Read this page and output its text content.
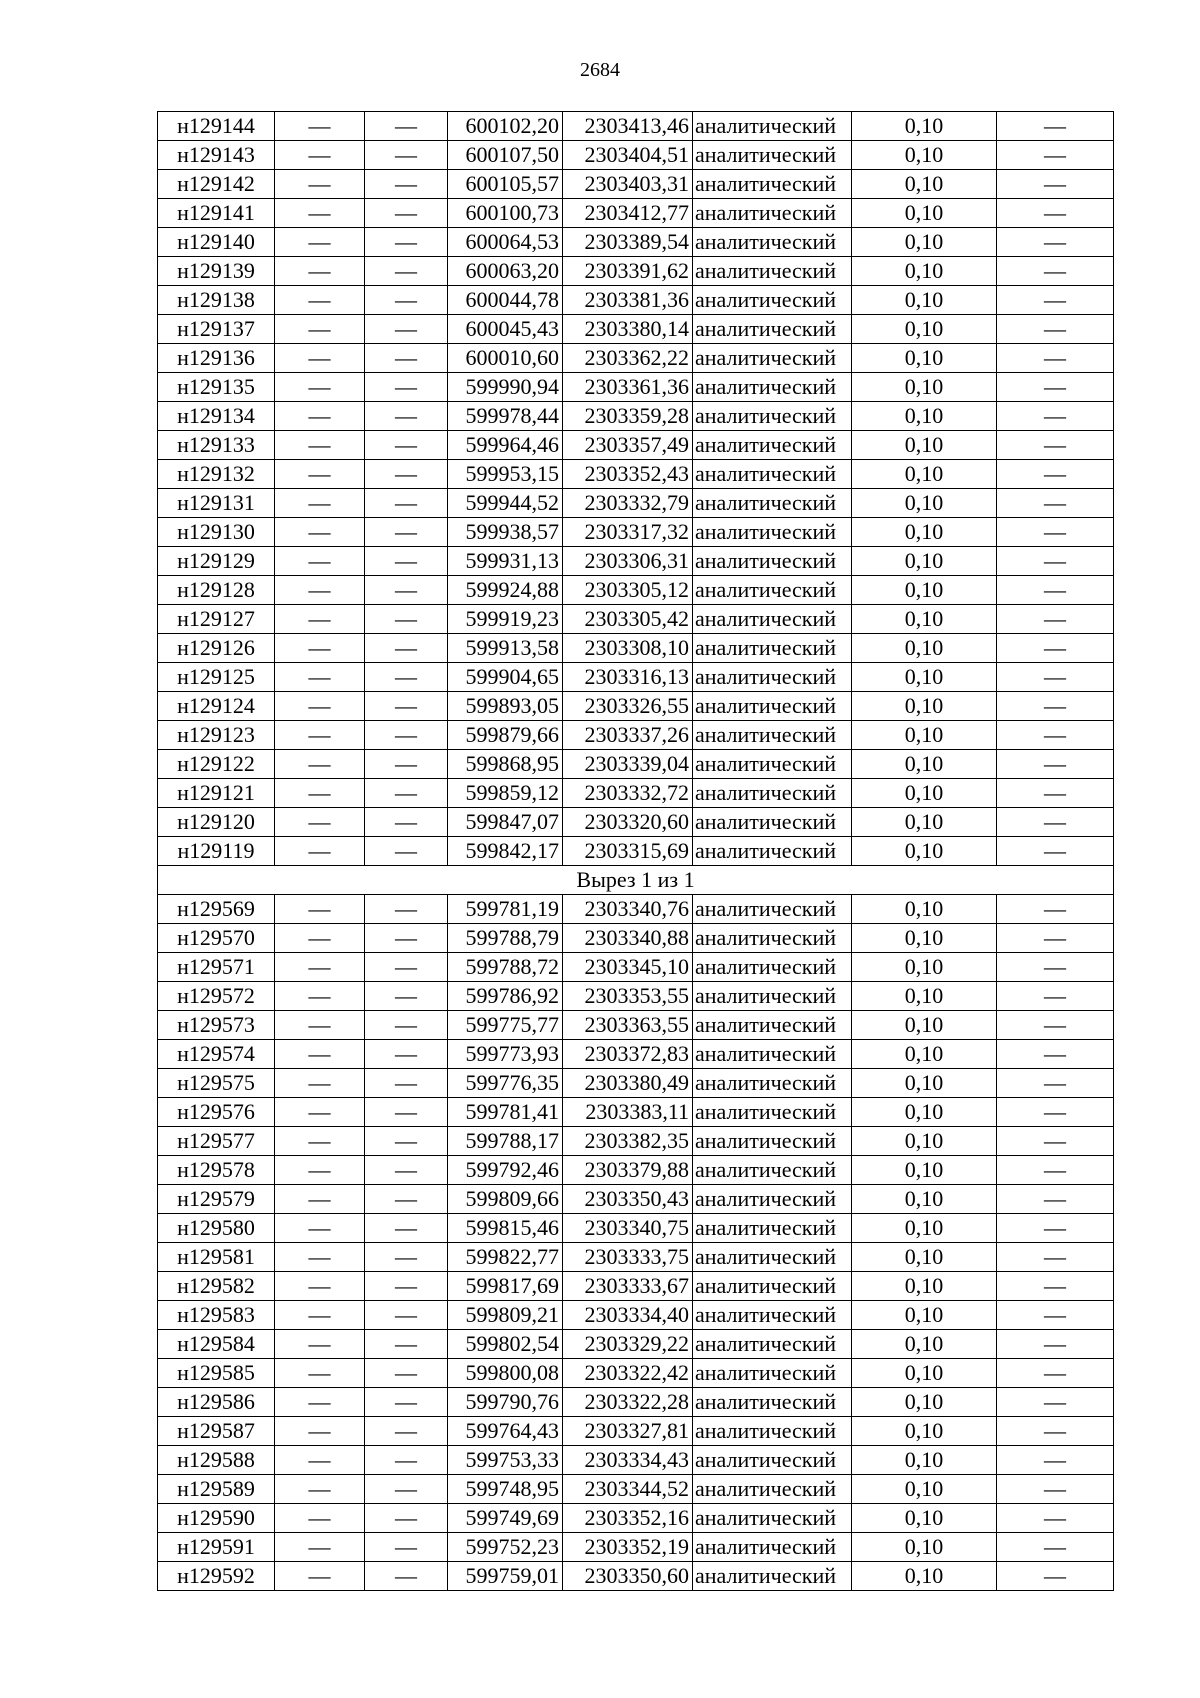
2684
н129144	—	—	600102,20	2303413,46	аналитический	0,10	—
н129143	—	—	600107,50	2303404,51	аналитический	0,10	—
н129142	—	—	600105,57	2303403,31	аналитический	0,10	—
н129141	—	—	600100,73	2303412,77	аналитический	0,10	—
н129140	—	—	600064,53	2303389,54	аналитический	0,10	—
н129139	—	—	600063,20	2303391,62	аналитический	0,10	—
н129138	—	—	600044,78	2303381,36	аналитический	0,10	—
н129137	—	—	600045,43	2303380,14	аналитический	0,10	—
н129136	—	—	600010,60	2303362,22	аналитический	0,10	—
н129135	—	—	599990,94	2303361,36	аналитический	0,10	—
н129134	—	—	599978,44	2303359,28	аналитический	0,10	—
н129133	—	—	599964,46	2303357,49	аналитический	0,10	—
н129132	—	—	599953,15	2303352,43	аналитический	0,10	—
н129131	—	—	599944,52	2303332,79	аналитический	0,10	—
н129130	—	—	599938,57	2303317,32	аналитический	0,10	—
н129129	—	—	599931,13	2303306,31	аналитический	0,10	—
н129128	—	—	599924,88	2303305,12	аналитический	0,10	—
н129127	—	—	599919,23	2303305,42	аналитический	0,10	—
н129126	—	—	599913,58	2303308,10	аналитический	0,10	—
н129125	—	—	599904,65	2303316,13	аналитический	0,10	—
н129124	—	—	599893,05	2303326,55	аналитический	0,10	—
н129123	—	—	599879,66	2303337,26	аналитический	0,10	—
н129122	—	—	599868,95	2303339,04	аналитический	0,10	—
н129121	—	—	599859,12	2303332,72	аналитический	0,10	—
н129120	—	—	599847,07	2303320,60	аналитический	0,10	—
н129119	—	—	599842,17	2303315,69	аналитический	0,10	—
Вырез 1 из 1							
н129569	—	—	599781,19	2303340,76	аналитический	0,10	—
н129570	—	—	599788,79	2303340,88	аналитический	0,10	—
н129571	—	—	599788,72	2303345,10	аналитический	0,10	—
н129572	—	—	599786,92	2303353,55	аналитический	0,10	—
н129573	—	—	599775,77	2303363,55	аналитический	0,10	—
н129574	—	—	599773,93	2303372,83	аналитический	0,10	—
н129575	—	—	599776,35	2303380,49	аналитический	0,10	—
н129576	—	—	599781,41	2303383,11	аналитический	0,10	—
н129577	—	—	599788,17	2303382,35	аналитический	0,10	—
н129578	—	—	599792,46	2303379,88	аналитический	0,10	—
н129579	—	—	599809,66	2303350,43	аналитический	0,10	—
н129580	—	—	599815,46	2303340,75	аналитический	0,10	—
н129581	—	—	599822,77	2303333,75	аналитический	0,10	—
н129582	—	—	599817,69	2303333,67	аналитический	0,10	—
н129583	—	—	599809,21	2303334,40	аналитический	0,10	—
н129584	—	—	599802,54	2303329,22	аналитический	0,10	—
н129585	—	—	599800,08	2303322,42	аналитический	0,10	—
н129586	—	—	599790,76	2303322,28	аналитический	0,10	—
н129587	—	—	599764,43	2303327,81	аналитический	0,10	—
н129588	—	—	599753,33	2303334,43	аналитический	0,10	—
н129589	—	—	599748,95	2303344,52	аналитический	0,10	—
н129590	—	—	599749,69	2303352,16	аналитический	0,10	—
н129591	—	—	599752,23	2303352,19	аналитический	0,10	—
н129592	—	—	599759,01	2303350,60	аналитический	0,10	—
